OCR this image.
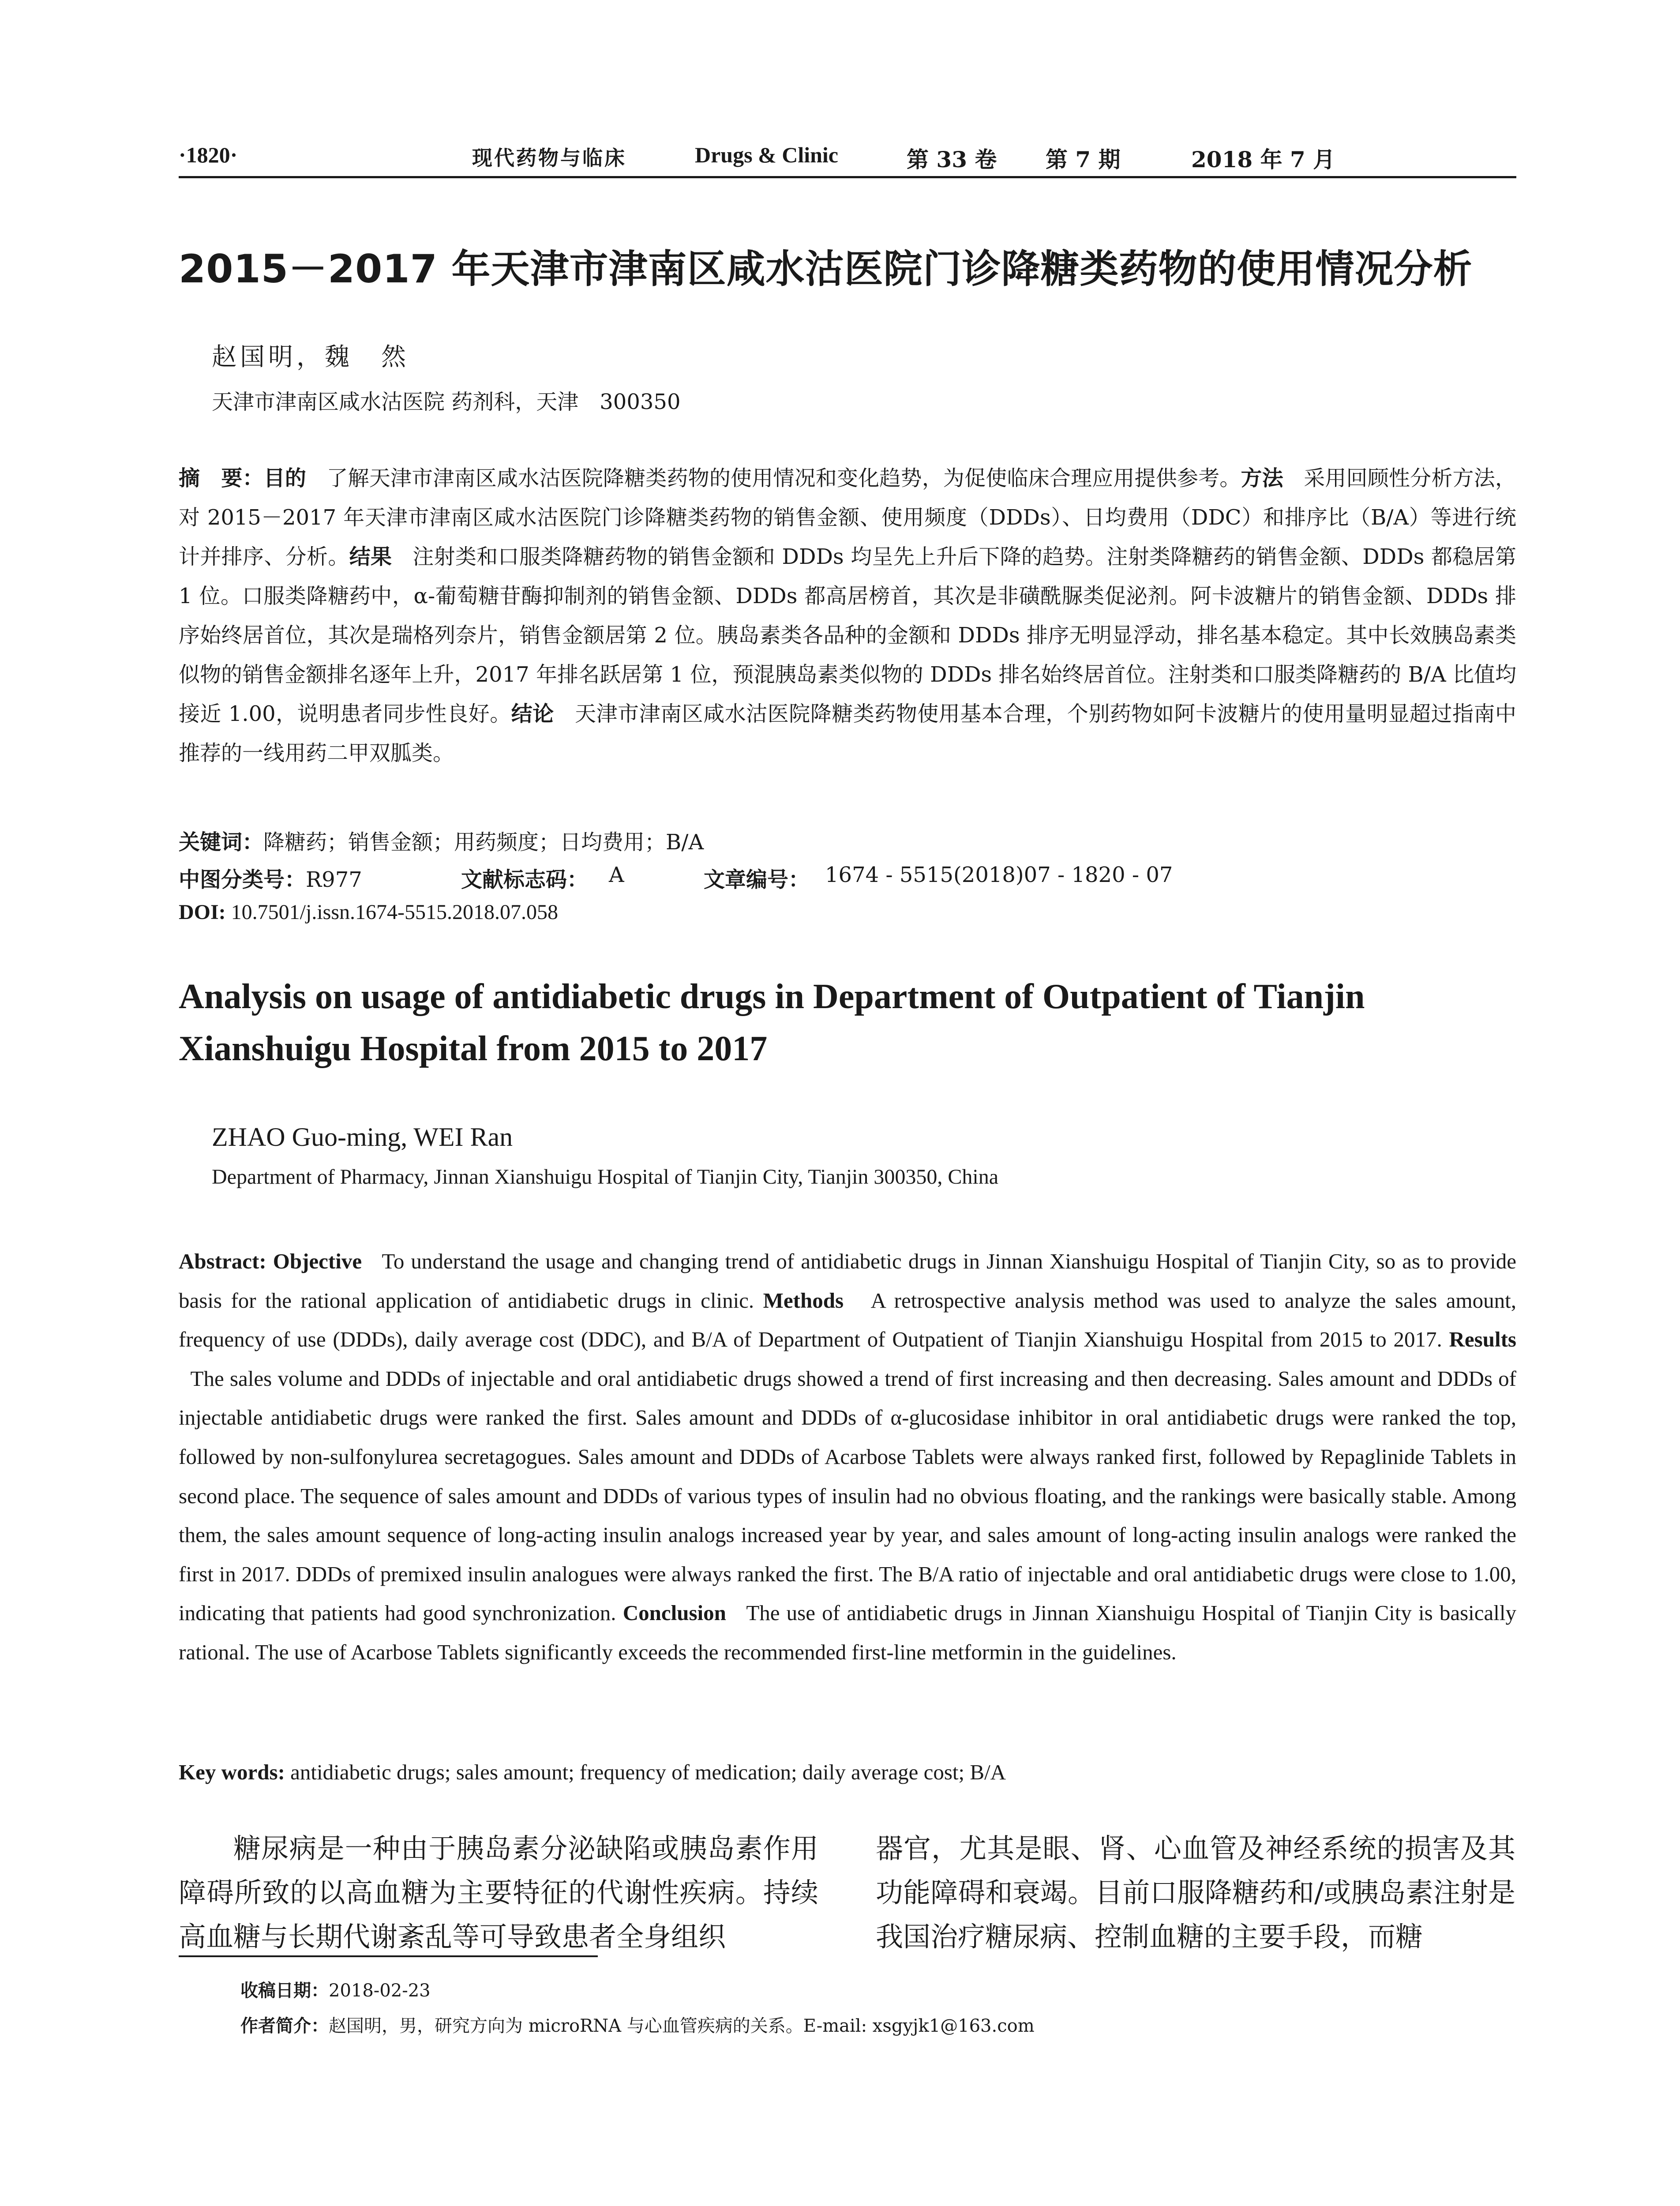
·1820·	现代药物与临床	Drugs & Clinic	第 33 卷 第 7 期	2018 年 7 月
2015－2017 年天津市津南区咸水沽医院门诊降糖类药物的使用情况分析
赵国明，魏　然
天津市津南区咸水沽医院 药剂科，天津　300350
摘　要：目的 了解天津市津南区咸水沽医院降糖类药物的使用情况和变化趋势，为促使临床合理应用提供参考。方法 采用回顾性分析方法，对 2015－2017 年天津市津南区咸水沽医院门诊降糖类药物的销售金额、使用频度（DDDs）、日均费用（DDC）和排序比（B/A）等进行统计并排序、分析。结果 注射类和口服类降糖药物的销售金额和 DDDs 均呈先上升后下降的趋势。注射类降糖药的销售金额、DDDs 都稳居第 1 位。口服类降糖药中，α-葡萄糖苷酶抑制剂的销售金额、DDDs 都高居榜首，其次是非磺酰脲类促泌剂。阿卡波糖片的销售金额、DDDs 排序始终居首位，其次是瑞格列奈片，销售金额居第 2 位。胰岛素类各品种的金额和 DDDs 排序无明显浮动，排名基本稳定。其中长效胰岛素类似物的销售金额排名逐年上升，2017 年排名跃居第 1 位，预混胰岛素类似物的 DDDs 排名始终居首位。注射类和口服类降糖药的 B/A 比值均接近 1.00，说明患者同步性良好。结论 天津市津南区咸水沽医院降糖类药物使用基本合理，个别药物如阿卡波糖片的使用量明显超过指南中推荐的一线用药二甲双胍类。
关键词：降糖药；销售金额；用药频度；日均费用；B/A
中图分类号：R977	文献标志码： A	文章编号： 1674 - 5515(2018)07 - 1820 - 07
DOI: 10.7501/j.issn.1674-5515.2018.07.058
Analysis on usage of antidiabetic drugs in Department of Outpatient of Tianjin Xianshuigu Hospital from 2015 to 2017
ZHAO Guo-ming, WEI Ran
Department of Pharmacy, Jinnan Xianshuigu Hospital of Tianjin City, Tianjin 300350, China
Abstract: Objective To understand the usage and changing trend of antidiabetic drugs in Jinnan Xianshuigu Hospital of Tianjin City, so as to provide basis for the rational application of antidiabetic drugs in clinic. Methods A retrospective analysis method was used to analyze the sales amount, frequency of use (DDDs), daily average cost (DDC), and B/A of Department of Outpatient of Tianjin Xianshuigu Hospital from 2015 to 2017. Results   The sales volume and DDDs of injectable and oral antidiabetic drugs showed a trend of first increasing and then decreasing. Sales amount and DDDs of injectable antidiabetic drugs were ranked the first. Sales amount and DDDs of α-glucosidase inhibitor in oral antidiabetic drugs were ranked the top, followed by non-sulfonylurea secretagogues. Sales amount and DDDs of Acarbose Tablets were always ranked first, followed by Repaglinide Tablets in second place. The sequence of sales amount and DDDs of various types of insulin had no obvious floating, and the rankings were basically stable. Among them, the sales amount sequence of long-acting insulin analogs increased year by year, and sales amount of long-acting insulin analogs were ranked the first in 2017. DDDs of premixed insulin analogues were always ranked the first. The B/A ratio of injectable and oral antidiabetic drugs were close to 1.00, indicating that patients had good synchronization. Conclusion The use of antidiabetic drugs in Jinnan Xianshuigu Hospital of Tianjin City is basically rational. The use of Acarbose Tablets significantly exceeds the recommended first-line metformin in the guidelines.
Key words: antidiabetic drugs; sales amount; frequency of medication; daily average cost; B/A
糖尿病是一种由于胰岛素分泌缺陷或胰岛素作用障碍所致的以高血糖为主要特征的代谢性疾病。持续高血糖与长期代谢紊乱等可导致患者全身组织
器官，尤其是眼、肾、心血管及神经系统的损害及其功能障碍和衰竭。目前口服降糖药和/或胰岛素注射是我国治疗糖尿病、控制血糖的主要手段，而糖
收稿日期：2018-02-23
作者简介：赵国明，男，研究方向为 microRNA 与心血管疾病的关系。E-mail: xsgyjk1@163.com
